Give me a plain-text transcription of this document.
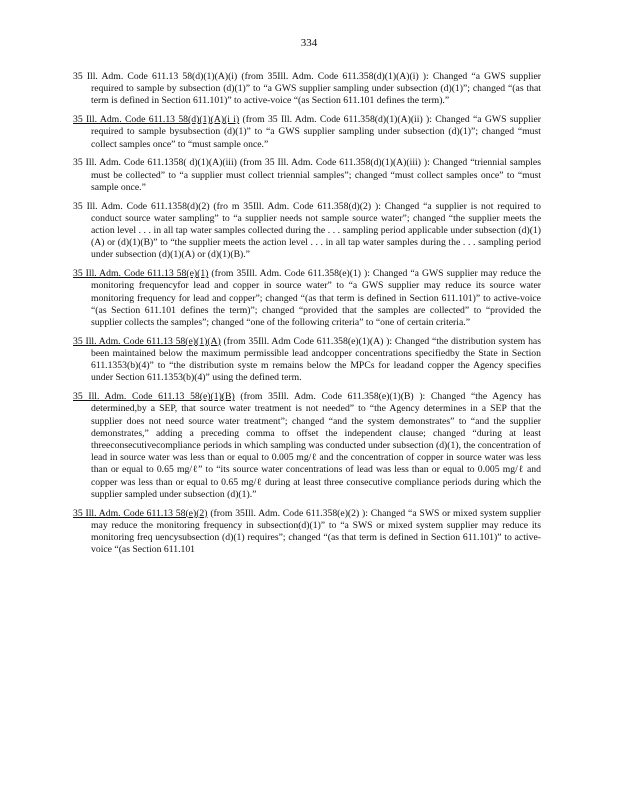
334
35 Ill. Adm. Code 611.13 58(d)(1)(A)(i) (from 35Ill. Adm. Code 611.358(d)(1)(A)(i) ): Changed “a GWS supplier required to sample by subsection (d)(1)” to “a GWS supplier sampling under subsection (d)(1)”; changed “(as that term is defined in Section 611.101)” to active-voice “(as Section 611.101 defines the term).”
35 Ill. Adm. Code 611.13 58(d)(1)(A)(i i) (from 35 Ill. Adm. Code 611.358(d)(1)(A)(ii) ): Changed “a GWS supplier required to sample bysubsection (d)(1)” to “a GWS supplier sampling under subsection (d)(1)”; changed “must collect samples once” to “must sample once.”
35 Ill. Adm. Code 611.1358( d)(1)(A)(iii) (from 35 Ill. Adm. Code 611.358(d)(1)(A)(iii) ): Changed “triennial samples must be collected” to “a supplier must collect triennial samples”; changed “must collect samples once” to “must sample once.”
35 Ill. Adm. Code 611.1358(d)(2) (fro m 35Ill. Adm. Code 611.358(d)(2) ): Changed “a supplier is not required to conduct source water sampling” to “a supplier needs not sample source water”; changed “the supplier meets the action level . . . in all tap water samples collected during the . . . sampling period applicable under subsection (d)(1)(A) or (d)(1)(B)” to “the supplier meets the action level . . . in all tap water samples during the . . . sampling period under subsection (d)(1)(A) or (d)(1)(B).”
35 Ill. Adm. Code 611.13 58(e)(1) (from 35Ill. Adm. Code 611.358(e)(1) ): Changed “a GWS supplier may reduce the monitoring frequencyfor lead and copper in source water” to “a GWS supplier may reduce its source water monitoring frequency for lead and copper”; changed “(as that term is defined in Section 611.101)” to active-voice “(as Section 611.101 defines the term)”; changed “provided that the samples are collected” to “provided the supplier collects the samples”; changed “one of the following criteria” to “one of certain criteria.”
35 Ill. Adm. Code 611.13 58(e)(1)(A) (from 35Ill. Adm Code 611.358(e)(1)(A) ): Changed “the distribution system has been maintained below the maximum permissible lead andcopper concentrations specifiedby the State in Section 611.1353(b)(4)” to “the distribution syste m remains below the MPCs for leadand copper the Agency specifies under Section 611.1353(b)(4)” using the defined term.
35 Ill. Adm. Code 611.13 58(e)(1)(B) (from 35Ill. Adm. Code 611.358(e)(1)(B) ): Changed “the Agency has determined,by a SEP, that source water treatment is not needed” to “the Agency determines in a SEP that the supplier does not need source water treatment”; changed “and the system demonstrates” to “and the supplier demonstrates,” adding a preceding comma to offset the independent clause; changed “during at least threeconsecutivecompliance periods in which sampling was conducted under subsection (d)(1), the concentration of lead in source water was less than or equal to 0.005 mg/ℓ and the concentration of copper in source water was less than or equal to 0.65 mg/ℓ” to “its source water concentrations of lead was less than or equal to 0.005 mg/ℓ and copper was less than or equal to 0.65 mg/ℓ during at least three consecutive compliance periods during which the supplier sampled under subsection (d)(1).”
35 Ill. Adm. Code 611.13 58(e)(2) (from 35Ill. Adm. Code 611.358(e)(2) ): Changed “a SWS or mixed system supplier may reduce the monitoring frequency in subsection(d)(1)” to “a SWS or mixed system supplier may reduce its monitoring freq uencysubsection (d)(1) requires”; changed “(as that term is defined in Section 611.101)” to active-voice “(as Section 611.101
